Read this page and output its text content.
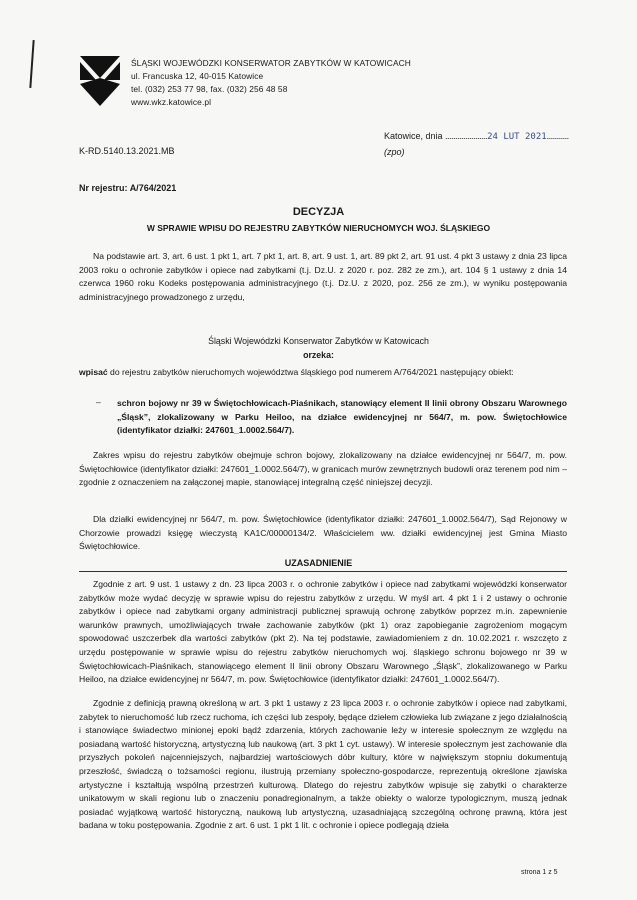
ŚLĄSKI WOJEWÓDZKI KONSERWATOR ZABYTKÓW W KATOWICACH
ul. Francuska 12, 40-015 Katowice
tel. (032) 253 77 98, fax. (032) 256 48 58
www.wkz.katowice.pl
Katowice, dnia .....................24 LUT 2021...........
(zpo)
K-RD.5140.13.2021.MB
Nr rejestru: A/764/2021
DECYZJA
W SPRAWIE WPISU DO REJESTRU ZABYTKÓW NIERUCHOMYCH WOJ. ŚLĄSKIEGO

Na podstawie art. 3, art. 6 ust. 1 pkt 1, art. 7 pkt 1, art. 8, art. 9 ust. 1, art. 89 pkt 2, art. 91 ust. 4 pkt 3 ustawy z dnia 23 lipca 2003 roku o ochronie zabytków i opiece nad zabytkami (t.j. Dz.U. z 2020 r. poz. 282 ze zm.), art. 104 § 1 ustawy z dnia 14 czerwca 1960 roku Kodeks postępowania administracyjnego (t.j. Dz.U. z 2020, poz. 256 ze zm.), w wyniku postępowania administracyjnego prowadzonego z urzędu,

Śląski Wojewódzki Konserwator Zabytków w Katowicach
orzeka:

wpisać do rejestru zabytków nieruchomych województwa śląskiego pod numerem A/764/2021 następujący obiekt:

– schron bojowy nr 39 w Świętochłowicach-Piaśnikach, stanowiący element II linii obrony Obszaru Warownego „Śląsk”, zlokalizowany w Parku Heiloo, na działce ewidencyjnej nr 564/7, m. pow. Świętochłowice (identyfikator działki: 247601_1.0002.564/7).

Zakres wpisu do rejestru zabytków obejmuje schron bojowy, zlokalizowany na działce ewidencyjnej nr 564/7, m. pow. Świętochłowice (identyfikator działki: 247601_1.0002.564/7), w granicach murów zewnętrznych budowli oraz terenem pod nim – zgodnie z oznaczeniem na załączonej mapie, stanowiącej integralną część niniejszej decyzji.

Dla działki ewidencyjnej nr 564/7, m. pow. Świętochłowice (identyfikator działki: 247601_1.0002.564/7), Sąd Rejonowy w Chorzowie prowadzi księgę wieczystą KA1C/00000134/2. Właścicielem ww. działki ewidencyjnej jest Gmina Miasto Świętochłowice.

UZASADNIENIE

Zgodnie z art. 9 ust. 1 ustawy z dn. 23 lipca 2003 r. o ochronie zabytków i opiece nad zabytkami wojewódzki konserwator zabytków może wydać decyzję w sprawie wpisu do rejestru zabytków z urzędu. W myśl art. 4 pkt 1 i 2 ustawy o ochronie zabytków i opiece nad zabytkami organy administracji publicznej sprawują ochronę zabytków poprzez m.in. zapewnienie warunków prawnych, umożliwiających trwałe zachowanie zabytków (pkt 1) oraz zapobieganie zagrożeniom mogącym spowodować uszczerbek dla wartości zabytków (pkt 2). Na tej podstawie, zawiadomieniem z dn. 10.02.2021 r. wszczęto z urzędu postępowanie w sprawie wpisu do rejestru zabytków nieruchomych woj. śląskiego schronu bojowego nr 39 w Świętochłowicach-Piaśnikach, stanowiącego element II linii obrony Obszaru Warownego „Śląsk”, zlokalizowanego w Parku Heiloo, na działce ewidencyjnej nr 564/7, m. pow. Świętochłowice (identyfikator działki: 247601_1.0002.564/7).

Zgodnie z definicją prawną określoną w art. 3 pkt 1 ustawy z 23 lipca 2003 r. o ochronie zabytków i opiece nad zabytkami, zabytek to nieruchomość lub rzecz ruchoma, ich części lub zespoły, będące dziełem człowieka lub związane z jego działalnością i stanowiące świadectwo minionej epoki bądź zdarzenia, których zachowanie leży w interesie społecznym ze względu na posiadaną wartość historyczną, artystyczną lub naukową (art. 3 pkt 1 cyt. ustawy). W interesie społecznym jest zachowanie dla przyszłych pokoleń najcenniejszych, najbardziej wartościowych dóbr kultury, które w największym stopniu dokumentują przeszłość, świadczą o tożsamości regionu, ilustrują przemiany społeczno-gospodarcze, reprezentują określone zjawiska artystyczne i kształtują wspólną przestrzeń kulturową. Dlatego do rejestru zabytków wpisuje się zabytki o charakterze unikatowym w skali regionu lub o znaczeniu ponadregionalnym, a także obiekty o walorze typologicznym, muszą jednak posiadać wyjątkową wartość historyczną, naukową lub artystyczną, uzasadniającą szczególną ochronę prawną, która jest badana w toku postępowania. Zgodnie z art. 6 ust. 1 pkt 1 lit. c ochronie i opiece podlegają dzieła

strona 1 z 5
